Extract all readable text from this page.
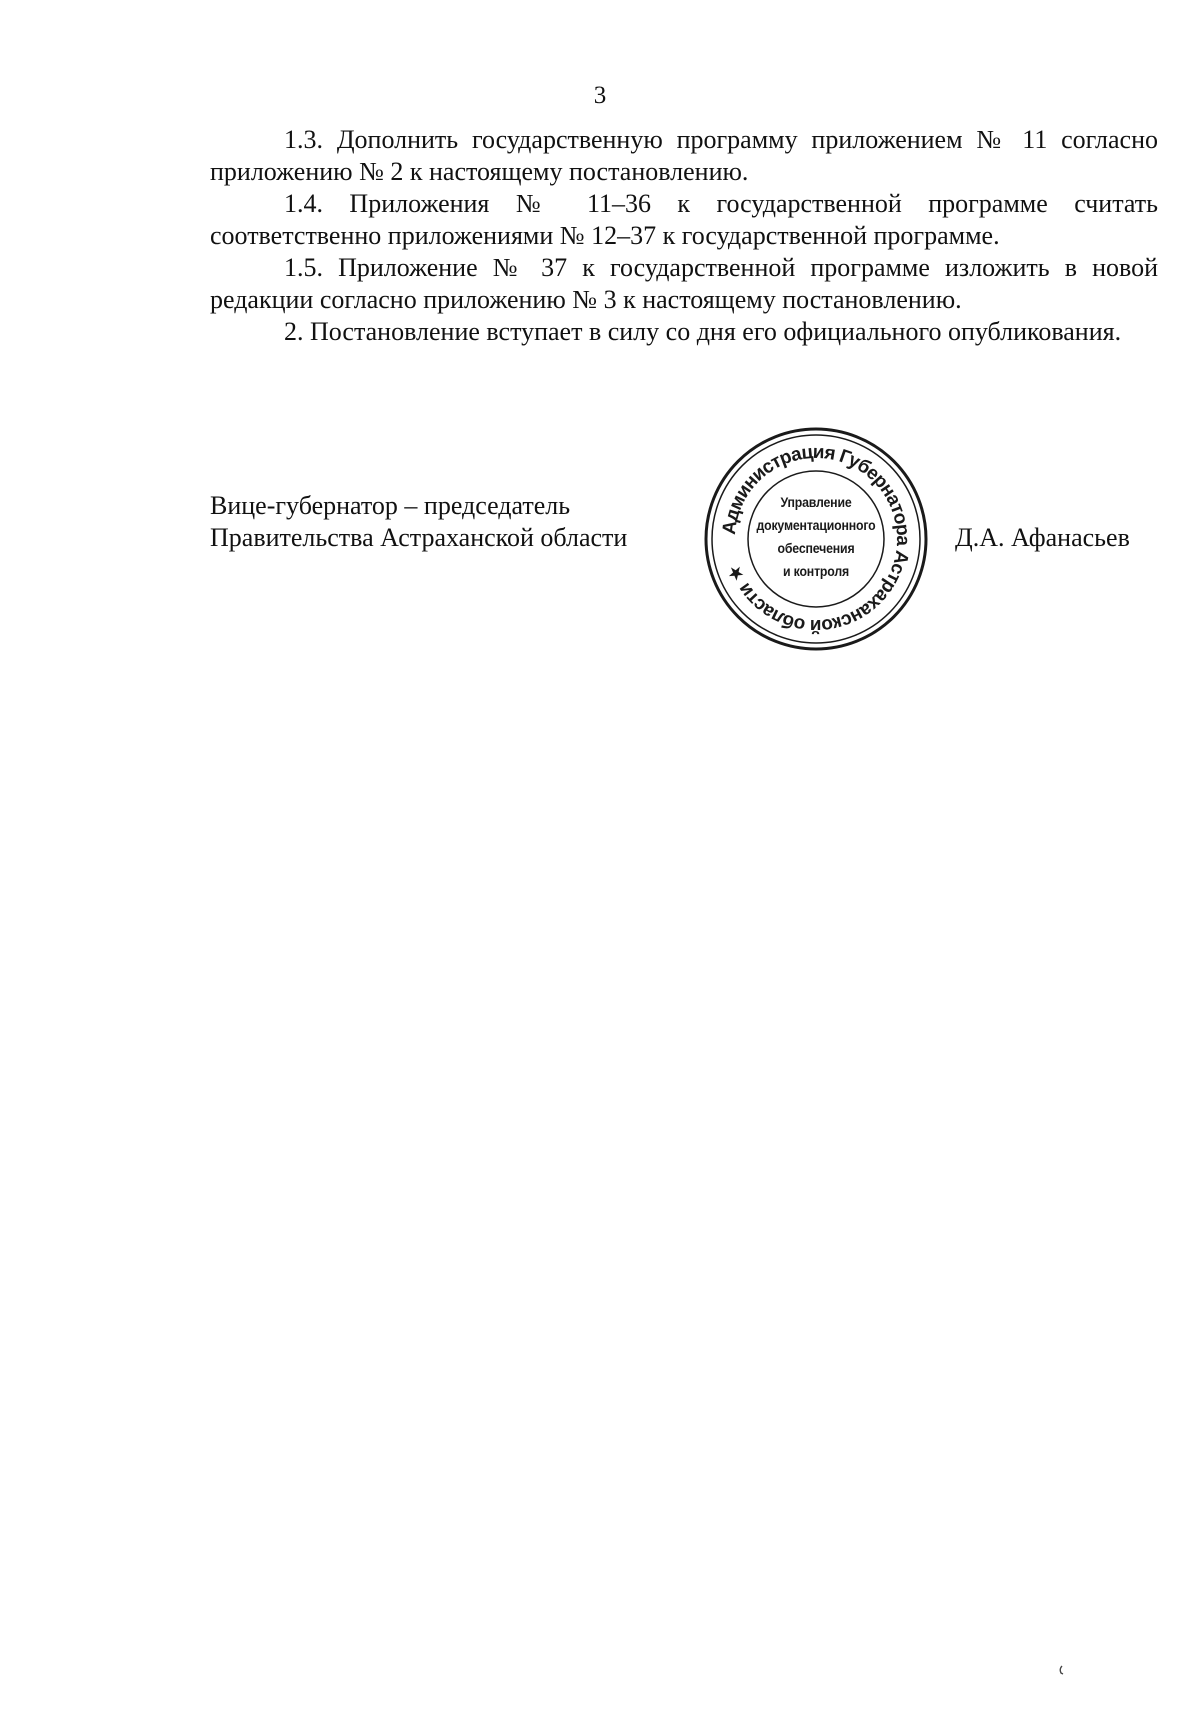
3

1.3. Дополнить государственную программу приложением № 11 согласно приложению № 2 к настоящему постановлению.

1.4. Приложения № 11–36 к государственной программе считать соответственно приложениями № 12–37 к государственной программе.

1.5. Приложение № 37 к государственной программе изложить в новой редакции согласно приложению № 3 к настоящему постановлению.

2. Постановление вступает в силу со дня его официального опубликования.

Вице-губернатор – председатель
Правительства Астраханской области	Администрация Губернатора Астраханской области ★
Управление
документационного
обеспечения
и контроля
Д.А. Афанасьев
